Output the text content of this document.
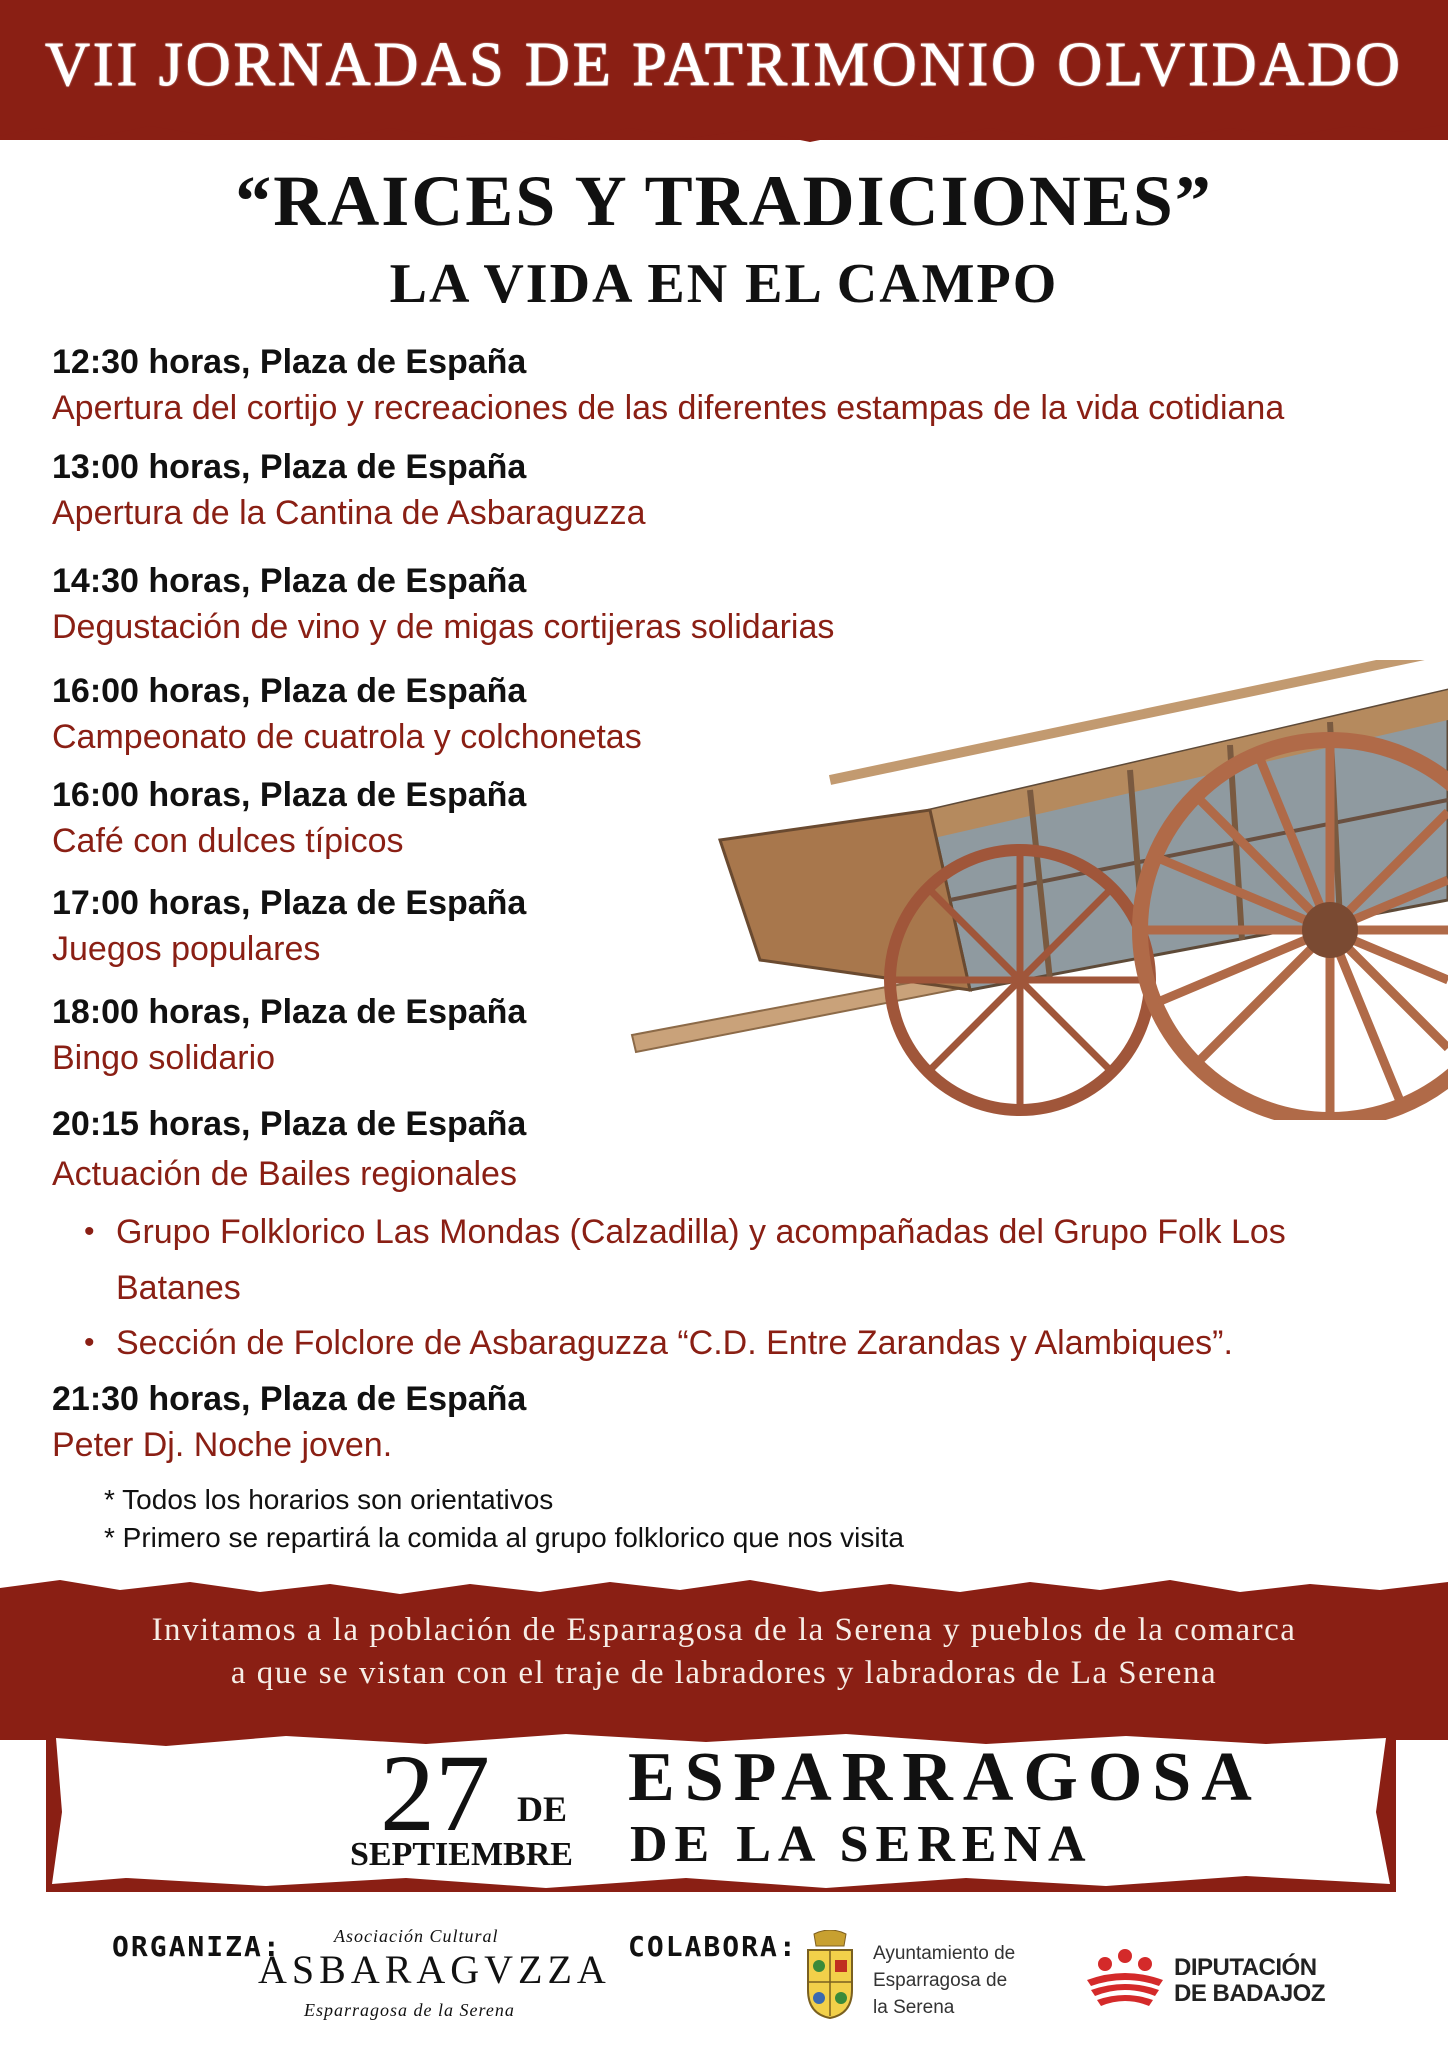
VII JORNADAS DE PATRIMONIO OLVIDADO
“RAICES Y TRADICIONES”
LA VIDA EN EL CAMPO
12:30 horas, Plaza de España
Apertura del cortijo y recreaciones de las diferentes estampas de la vida cotidiana
13:00 horas, Plaza de España
Apertura de la Cantina de Asbaraguzza
14:30 horas, Plaza de España
Degustación de vino y de migas cortijeras solidarias
16:00 horas, Plaza de España
Campeonato de cuatrola y colchonetas
16:00 horas, Plaza de España
Café con dulces típicos
17:00 horas, Plaza de España
Juegos populares
18:00 horas, Plaza de España
Bingo solidario
20:15 horas, Plaza de España
Actuación de Bailes regionales
• Grupo Folklorico Las Mondas (Calzadilla) y acompañadas del Grupo Folk Los Batanes
• Sección de Folclore de Asbaraguzza “C.D. Entre Zarandas y Alambiques”.
21:30 horas, Plaza de España
Peter Dj. Noche joven.
* Todos los horarios son orientativos
* Primero se repartirá la comida al grupo folklorico que nos visita
Invitamos a la población de Esparragosa de la Serena y pueblos de la comarca
a que se vistan con el traje de labradores y labradoras de La Serena
27 DE
SEPTIEMBRE
ESPARRAGOSA
DE LA SERENA
ORGANIZA:	Asociación Cultural
ASBARAGVZZA
Esparragosa de la Serena
COLABORA:	Ayuntamiento de
Esparragosa de
la Serena
DIPUTACIÓN
DE BADAJOZ
